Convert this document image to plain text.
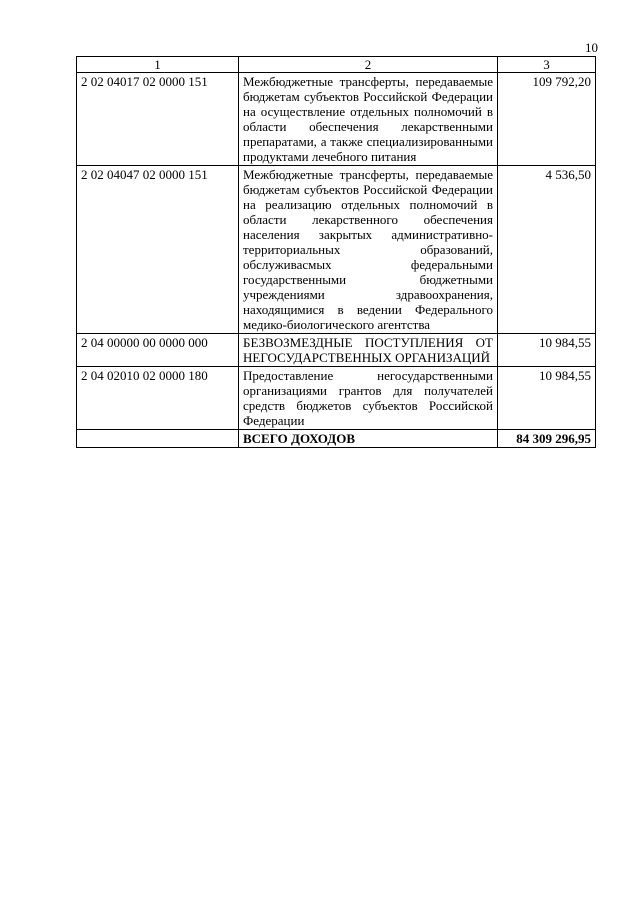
10
1	2	3
2 02 04017 02 0000 151	Межбюджетные трансферты, передаваемые бюджетам субъектов Российской Федерации на осуществление отдельных полномочий в области обеспечения лекарственными препаратами, а также специализированными продуктами лечебного питания	109 792,20
2 02 04047 02 0000 151	Межбюджетные трансферты, передаваемые бюджетам субъектов Российской Федерации на реализацию отдельных полномочий в области лекарственного обеспечения населения закрытых административно-территориальных образований, обслуживасмых федеральными государственными бюджетными учреждениями здравоохранения, находящимися в ведении Федерального медико-биологического агентства	4 536,50
2 04 00000 00 0000 000	БЕЗВОЗМЕЗДНЫЕ ПОСТУПЛЕНИЯ ОТ НЕГОСУДАРСТВЕННЫХ ОРГАНИЗАЦИЙ	10 984,55
2 04 02010 02 0000 180	Предоставление негосударственными организациями грантов для получателей средств бюджетов субъектов Российской Федерации	10 984,55
	ВСЕГО ДОХОДОВ	84 309 296,95
